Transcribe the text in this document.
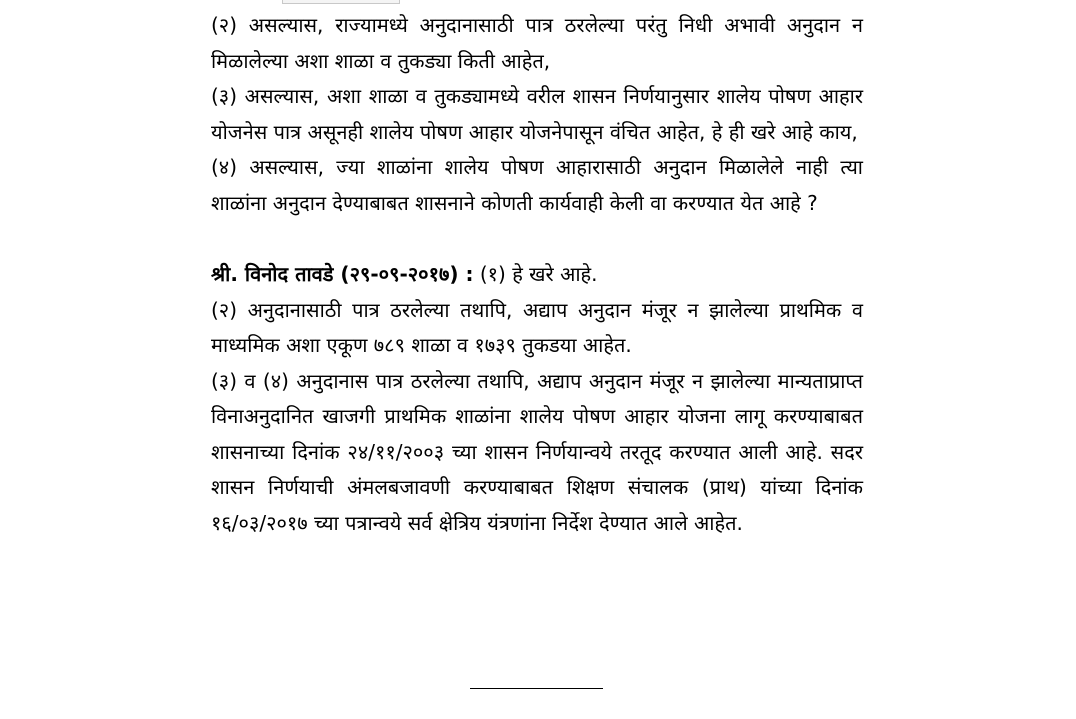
(२) असल्यास, राज्यामध्ये अनुदानासाठी पात्र ठरलेल्या परंतु निधी अभावी अनुदान न मिळालेल्या अशा शाळा व तुकड्या किती आहेत,

(३) असल्यास, अशा शाळा व तुकड्यामध्ये वरील शासन निर्णयानुसार शालेय पोषण आहार योजनेस पात्र असूनही शालेय पोषण आहार योजनेपासून वंचित आहेत, हे ही खरे आहे काय,

(४) असल्यास, ज्या शाळांना शालेय पोषण आहारासाठी अनुदान मिळालेले नाही त्या शाळांना अनुदान देण्याबाबत शासनाने कोणती कार्यवाही केली वा करण्यात येत आहे ?

श्री. विनोद तावडे (२९-०९-२०१७) : (१) हे खरे आहे.

(२) अनुदानासाठी पात्र ठरलेल्या तथापि, अद्याप अनुदान मंजूर न झालेल्या प्राथमिक व माध्यमिक अशा एकूण ७८९ शाळा व १७३९ तुकडया आहेत.

(३) व (४) अनुदानास पात्र ठरलेल्या तथापि, अद्याप अनुदान मंजूर न झालेल्या मान्यताप्राप्त विनाअनुदानित खाजगी प्राथमिक शाळांना शालेय पोषण आहार योजना लागू करण्याबाबत शासनाच्या दिनांक २४/११/२००३ च्या शासन निर्णयान्वये तरतूद करण्यात आली आहे. सदर शासन निर्णयाची अंमलबजावणी करण्याबाबत शिक्षण संचालक (प्राथ) यांच्या दिनांक १६/०३/२०१७ च्या पत्रान्वये सर्व क्षेत्रिय यंत्रणांना निर्देश देण्यात आले आहेत.
